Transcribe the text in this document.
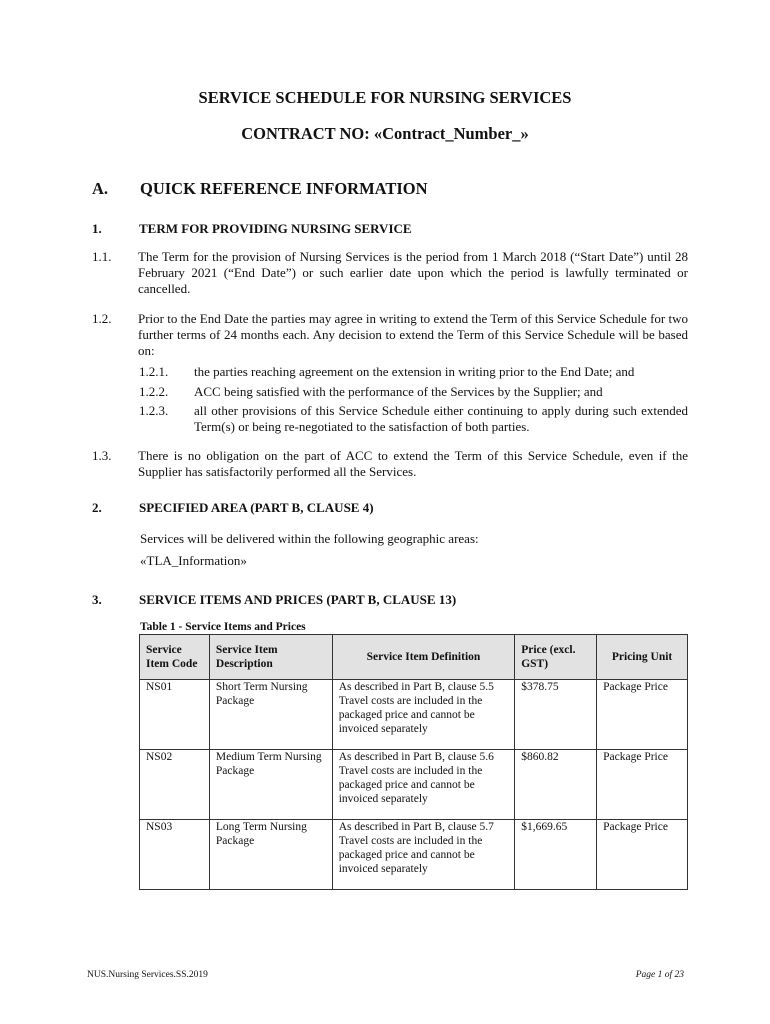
SERVICE SCHEDULE FOR NURSING SERVICES
CONTRACT NO: «Contract_Number_»
A. QUICK REFERENCE INFORMATION
1.	TERM FOR PROVIDING NURSING SERVICE
1.1. The Term for the provision of Nursing Services is the period from 1 March 2018 (“Start Date”) until 28 February 2021 (“End Date”) or such earlier date upon which the period is lawfully terminated or cancelled.
1.2. Prior to the End Date the parties may agree in writing to extend the Term of this Service Schedule for two further terms of 24 months each. Any decision to extend the Term of this Service Schedule will be based on:
1.2.1. the parties reaching agreement on the extension in writing prior to the End Date; and
1.2.2. ACC being satisfied with the performance of the Services by the Supplier; and
1.2.3. all other provisions of this Service Schedule either continuing to apply during such extended Term(s) or being re-negotiated to the satisfaction of both parties.
1.3. There is no obligation on the part of ACC to extend the Term of this Service Schedule, even if the Supplier has satisfactorily performed all the Services.
2.	SPECIFIED AREA (PART B, CLAUSE 4)
Services will be delivered within the following geographic areas:
«TLA_Information»
3.	SERVICE ITEMS AND PRICES (PART B, CLAUSE 13)
Table 1 - Service Items and Prices
Service Item Code	Service Item Description	Service Item Definition	Price (excl. GST)	Pricing Unit
NS01	Short Term Nursing Package	As described in Part B, clause 5.5
Travel costs are included in the packaged price and cannot be invoiced separately	$378.75	Package Price
NS02	Medium Term Nursing Package	As described in Part B, clause 5.6
Travel costs are included in the packaged price and cannot be invoiced separately	$860.82	Package Price
NS03	Long Term Nursing Package	As described in Part B, clause 5.7
Travel costs are included in the packaged price and cannot be invoiced separately	$1,669.65	Package Price
NUS.Nursing Services.SS.2019	Page 1 of 23
